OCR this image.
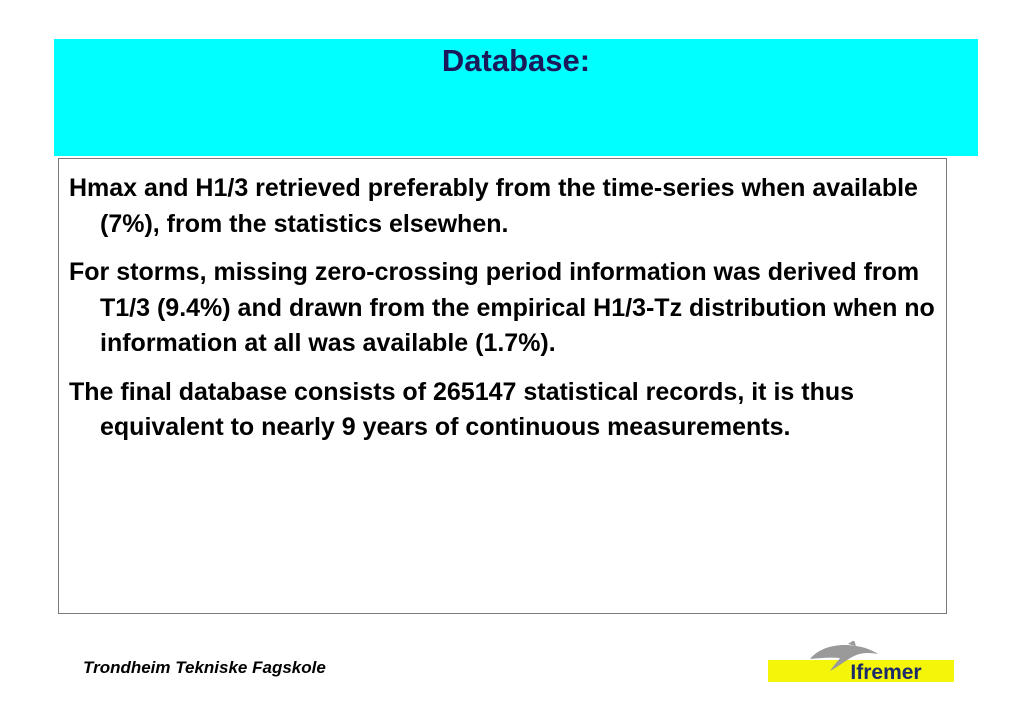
Database:

Hmax and H1/3 retrieved preferably from the time-series when available (7%), from the statistics elsewhen.

For storms, missing zero-crossing period information was derived from T1/3 (9.4%) and drawn from the empirical H1/3-Tz distribution when no information at all was available (1.7%).

The final database consists of 265147 statistical records, it is thus equivalent to nearly 9 years of continuous measurements.

Trondheim Tekniske Fagskole	Ifremer
